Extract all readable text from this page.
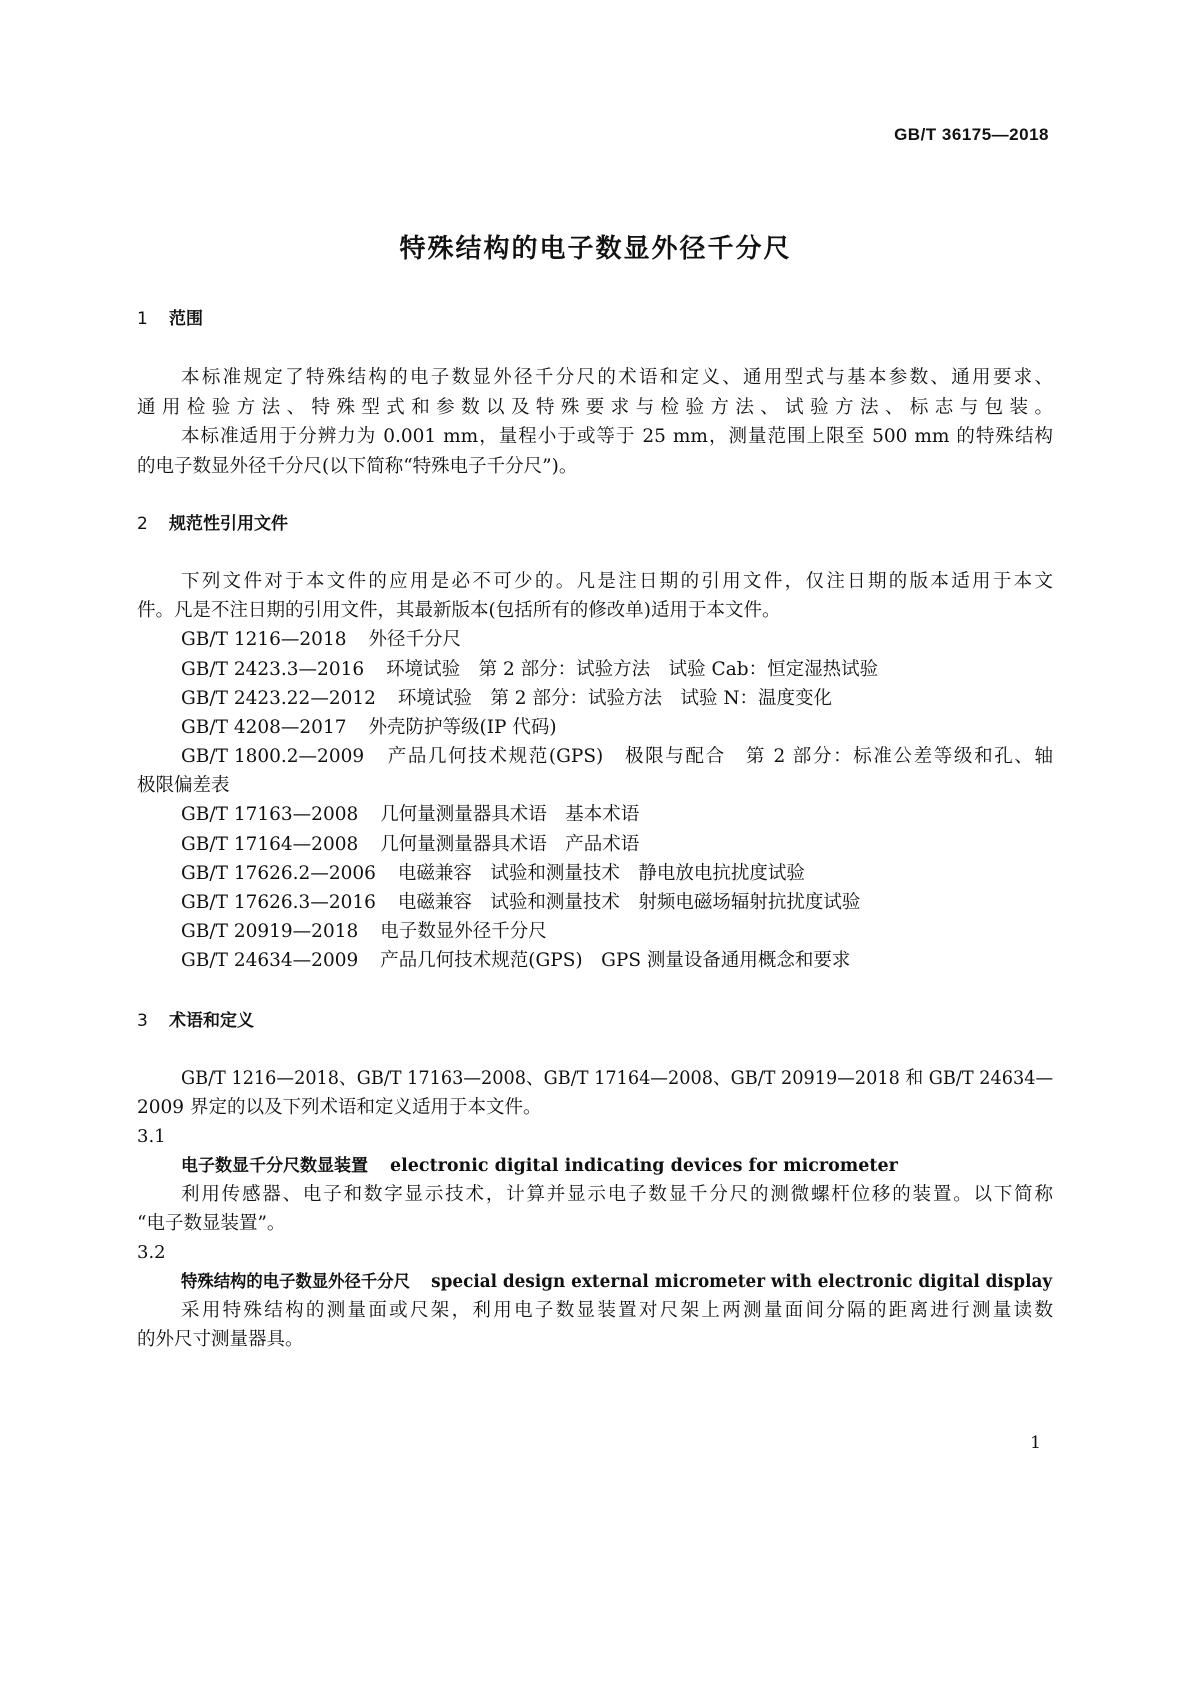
GB/T 36175—2018
特殊结构的电子数显外径千分尺
1 范围
本标准规定了特殊结构的电子数显外径千分尺的术语和定义、通用型式与基本参数、通用要求、
通用检验方法、特殊型式和参数以及特殊要求与检验方法、试验方法、标志与包装。
本标准适用于分辨力为 0.001 mm，量程小于或等于 25 mm，测量范围上限至 500 mm 的特殊结构
的电子数显外径千分尺(以下简称“特殊电子千分尺”)。
2 规范性引用文件
下列文件对于本文件的应用是必不可少的。凡是注日期的引用文件，仅注日期的版本适用于本文
件。凡是不注日期的引用文件，其最新版本(包括所有的修改单)适用于本文件。
GB/T 1216—2018 外径千分尺
GB/T 2423.3—2016 环境试验　第 2 部分：试验方法　试验 Cab：恒定湿热试验
GB/T 2423.22—2012 环境试验　第 2 部分：试验方法　试验 N：温度变化
GB/T 4208—2017 外壳防护等级(IP 代码)
GB/T 1800.2—2009 产品几何技术规范(GPS)　极限与配合　第 2 部分：标准公差等级和孔、轴
极限偏差表
GB/T 17163—2008 几何量测量器具术语　基本术语
GB/T 17164—2008 几何量测量器具术语　产品术语
GB/T 17626.2—2006 电磁兼容　试验和测量技术　静电放电抗扰度试验
GB/T 17626.3—2016 电磁兼容　试验和测量技术　射频电磁场辐射抗扰度试验
GB/T 20919—2018 电子数显外径千分尺
GB/T 24634—2009 产品几何技术规范(GPS)　GPS 测量设备通用概念和要求
3 术语和定义
GB/T 1216—2018、GB/T 17163—2008、GB/T 17164—2008、GB/T 20919—2018 和 GB/T 24634—
2009 界定的以及下列术语和定义适用于本文件。
3.1
电子数显千分尺数显装置 electronic digital indicating devices for micrometer
利用传感器、电子和数字显示技术，计算并显示电子数显千分尺的测微螺杆位移的装置。以下简称
“电子数显装置”。
3.2
特殊结构的电子数显外径千分尺 special design external micrometer with electronic digital display
采用特殊结构的测量面或尺架，利用电子数显装置对尺架上两测量面间分隔的距离进行测量读数
的外尺寸测量器具。
1
